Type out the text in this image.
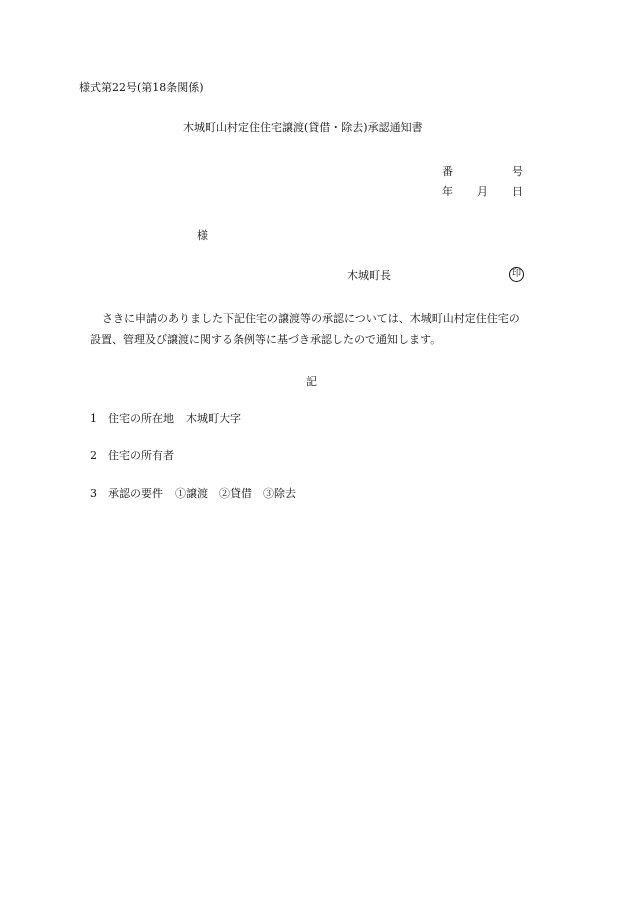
様式第22号(第18条関係)
木城町山村定住住宅譲渡(貸借・除去)承認通知書
番	号
年 月 日
様
木城町長	印
さきに申請のありました下記住宅の譲渡等の承認については、木城町山村定住住宅の
設置、管理及び譲渡に関する条例等に基づき承認したので通知します。
記
1 住宅の所在地 木城町大字
2 住宅の所有者
3 承認の要件 ①譲渡　②貸借　③除去
